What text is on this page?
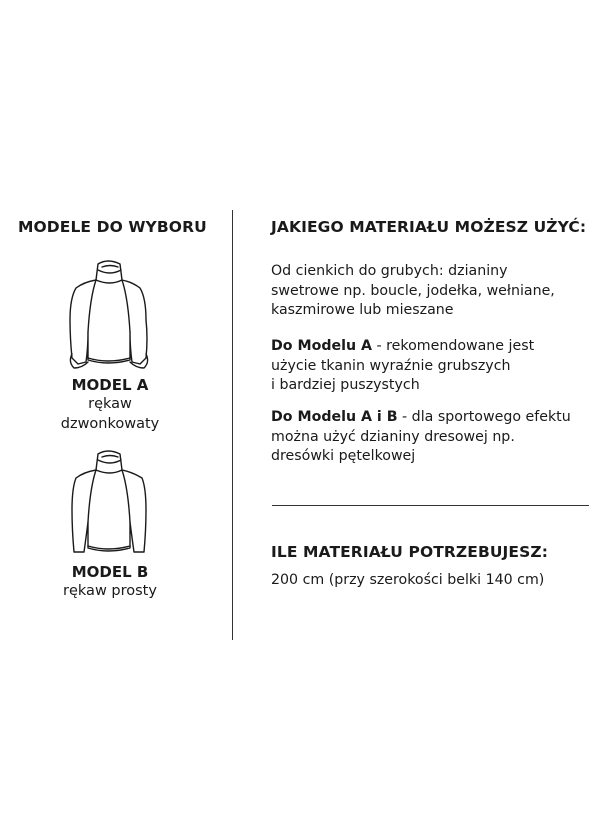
MODELE DO WYBORU
MODEL A
rękaw
dzwonkowaty
MODEL B
rękaw prosty
JAKIEGO MATERIAŁU MOŻESZ UŻYĆ:
Od cienkich do grubych: dzianiny
swetrowe np. boucle, jodełka, wełniane,
kaszmirowe lub mieszane
Do Modelu A - rekomendowane jest
użycie tkanin wyraźnie grubszych
i bardziej puszystych
Do Modelu A i B - dla sportowego efektu
można użyć dzianiny dresowej np.
dresówki pętelkowej
ILE MATERIAŁU POTRZEBUJESZ:
200 cm (przy szerokości belki 140 cm)
